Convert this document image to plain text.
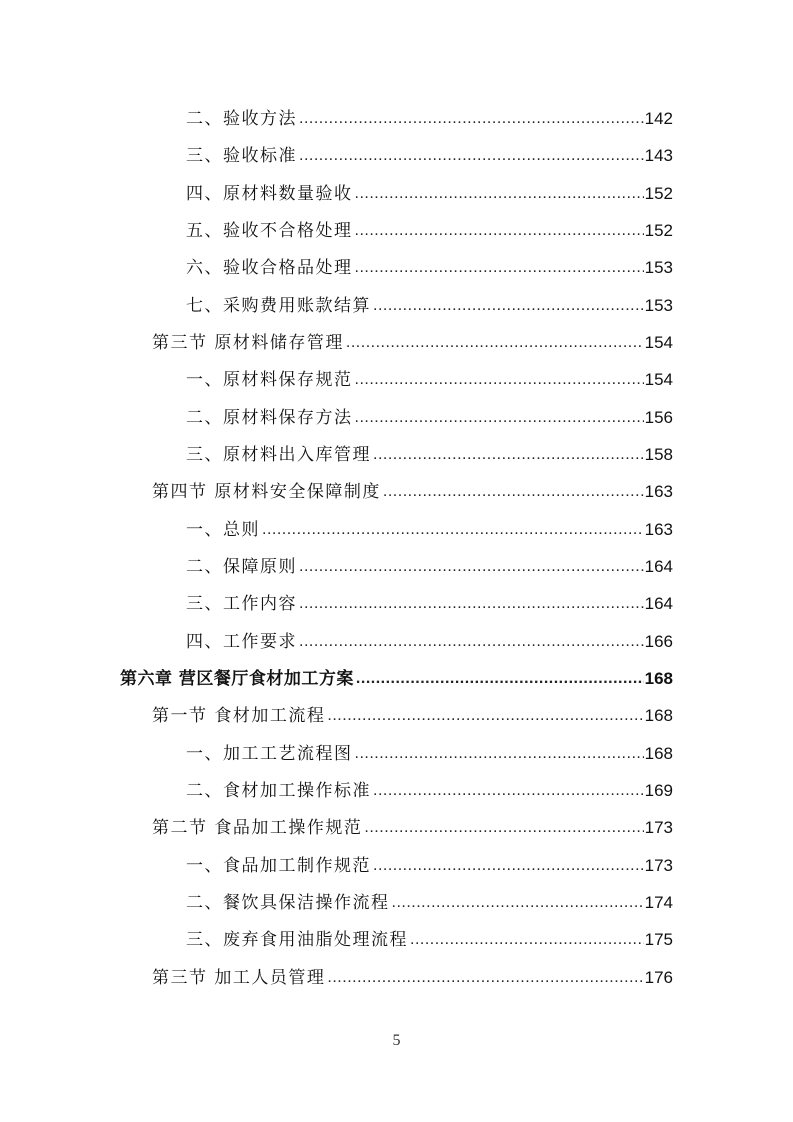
二、验收方法 .....	142
三、验收标准 .....	143
四、原材料数量验收 .....	152
五、验收不合格处理 .....	152
六、验收合格品处理 .....	153
七、采购费用账款结算 .....	153
第三节 原材料储存管理 .....	154
一、原材料保存规范 .....	154
二、原材料保存方法 .....	156
三、原材料出入库管理 .....	158
第四节 原材料安全保障制度 .....	163
一、总则 .....	163
二、保障原则 .....	164
三、工作内容 .....	164
四、工作要求 .....	166
第六章 营区餐厅食材加工方案 .....	168
第一节 食材加工流程 .....	168
一、加工工艺流程图 .....	168
二、食材加工操作标准 .....	169
第二节 食品加工操作规范 .....	173
一、食品加工制作规范 .....	173
二、餐饮具保洁操作流程 .....	174
三、废弃食用油脂处理流程 .....	175
第三节 加工人员管理 .....	176
5
